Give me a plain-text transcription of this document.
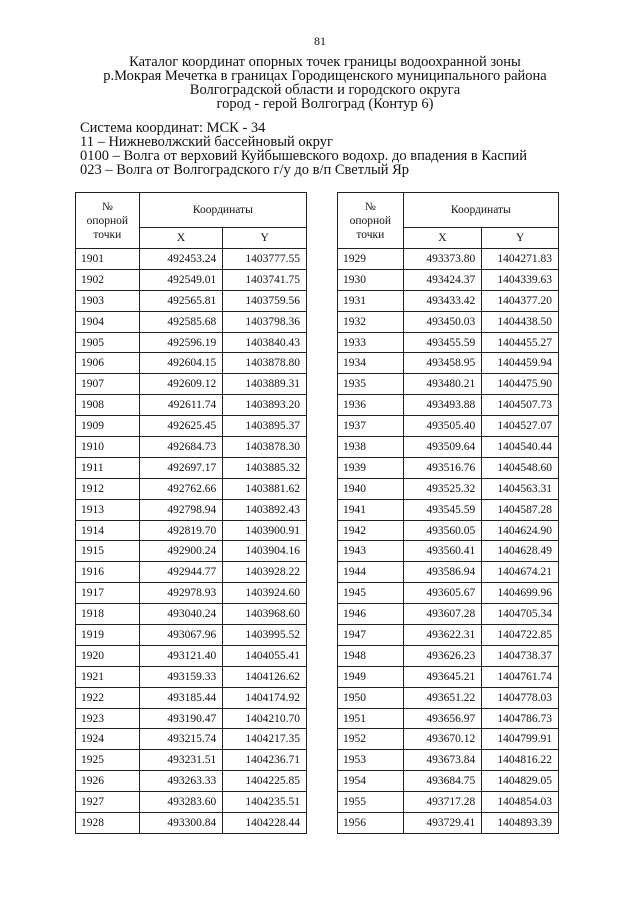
81
Каталог координат опорных точек границы водоохранной зоны
р.Мокрая Мечетка в границах Городищенского муниципального района
Волгоградской области и городского округа
город - герой Волгоград (Контур 6)
Система координат: МСК - 34
11 – Нижневолжский бассейновый округ
0100 – Волга от верховий Куйбышевского водохр. до впадения в Каспий
023 – Волга от Волгоградского г/у до в/п Светлый Яр
№
опорной
точки	Координаты	
	X	Y
1901	492453.24	1403777.55
1902	492549.01	1403741.75
1903	492565.81	1403759.56
1904	492585.68	1403798.36
1905	492596.19	1403840.43
1906	492604.15	1403878.80
1907	492609.12	1403889.31
1908	492611.74	1403893.20
1909	492625.45	1403895.37
1910	492684.73	1403878.30
1911	492697.17	1403885.32
1912	492762.66	1403881.62
1913	492798.94	1403892.43
1914	492819.70	1403900.91
1915	492900.24	1403904.16
1916	492944.77	1403928.22
1917	492978.93	1403924.60
1918	493040.24	1403968.60
1919	493067.96	1403995.52
1920	493121.40	1404055.41
1921	493159.33	1404126.62
1922	493185.44	1404174.92
1923	493190.47	1404210.70
1924	493215.74	1404217.35
1925	493231.51	1404236.71
1926	493263.33	1404225.85
1927	493283.60	1404235.51
1928	493300.84	1404228.44
№
опорной
точки	Координаты	
	X	Y
1929	493373.80	1404271.83
1930	493424.37	1404339.63
1931	493433.42	1404377.20
1932	493450.03	1404438.50
1933	493455.59	1404455.27
1934	493458.95	1404459.94
1935	493480.21	1404475.90
1936	493493.88	1404507.73
1937	493505.40	1404527.07
1938	493509.64	1404540.44
1939	493516.76	1404548.60
1940	493525.32	1404563.31
1941	493545.59	1404587.28
1942	493560.05	1404624.90
1943	493560.41	1404628.49
1944	493586.94	1404674.21
1945	493605.67	1404699.96
1946	493607.28	1404705.34
1947	493622.31	1404722.85
1948	493626.23	1404738.37
1949	493645.21	1404761.74
1950	493651.22	1404778.03
1951	493656.97	1404786.73
1952	493670.12	1404799.91
1953	493673.84	1404816.22
1954	493684.75	1404829.05
1955	493717.28	1404854.03
1956	493729.41	1404893.39
